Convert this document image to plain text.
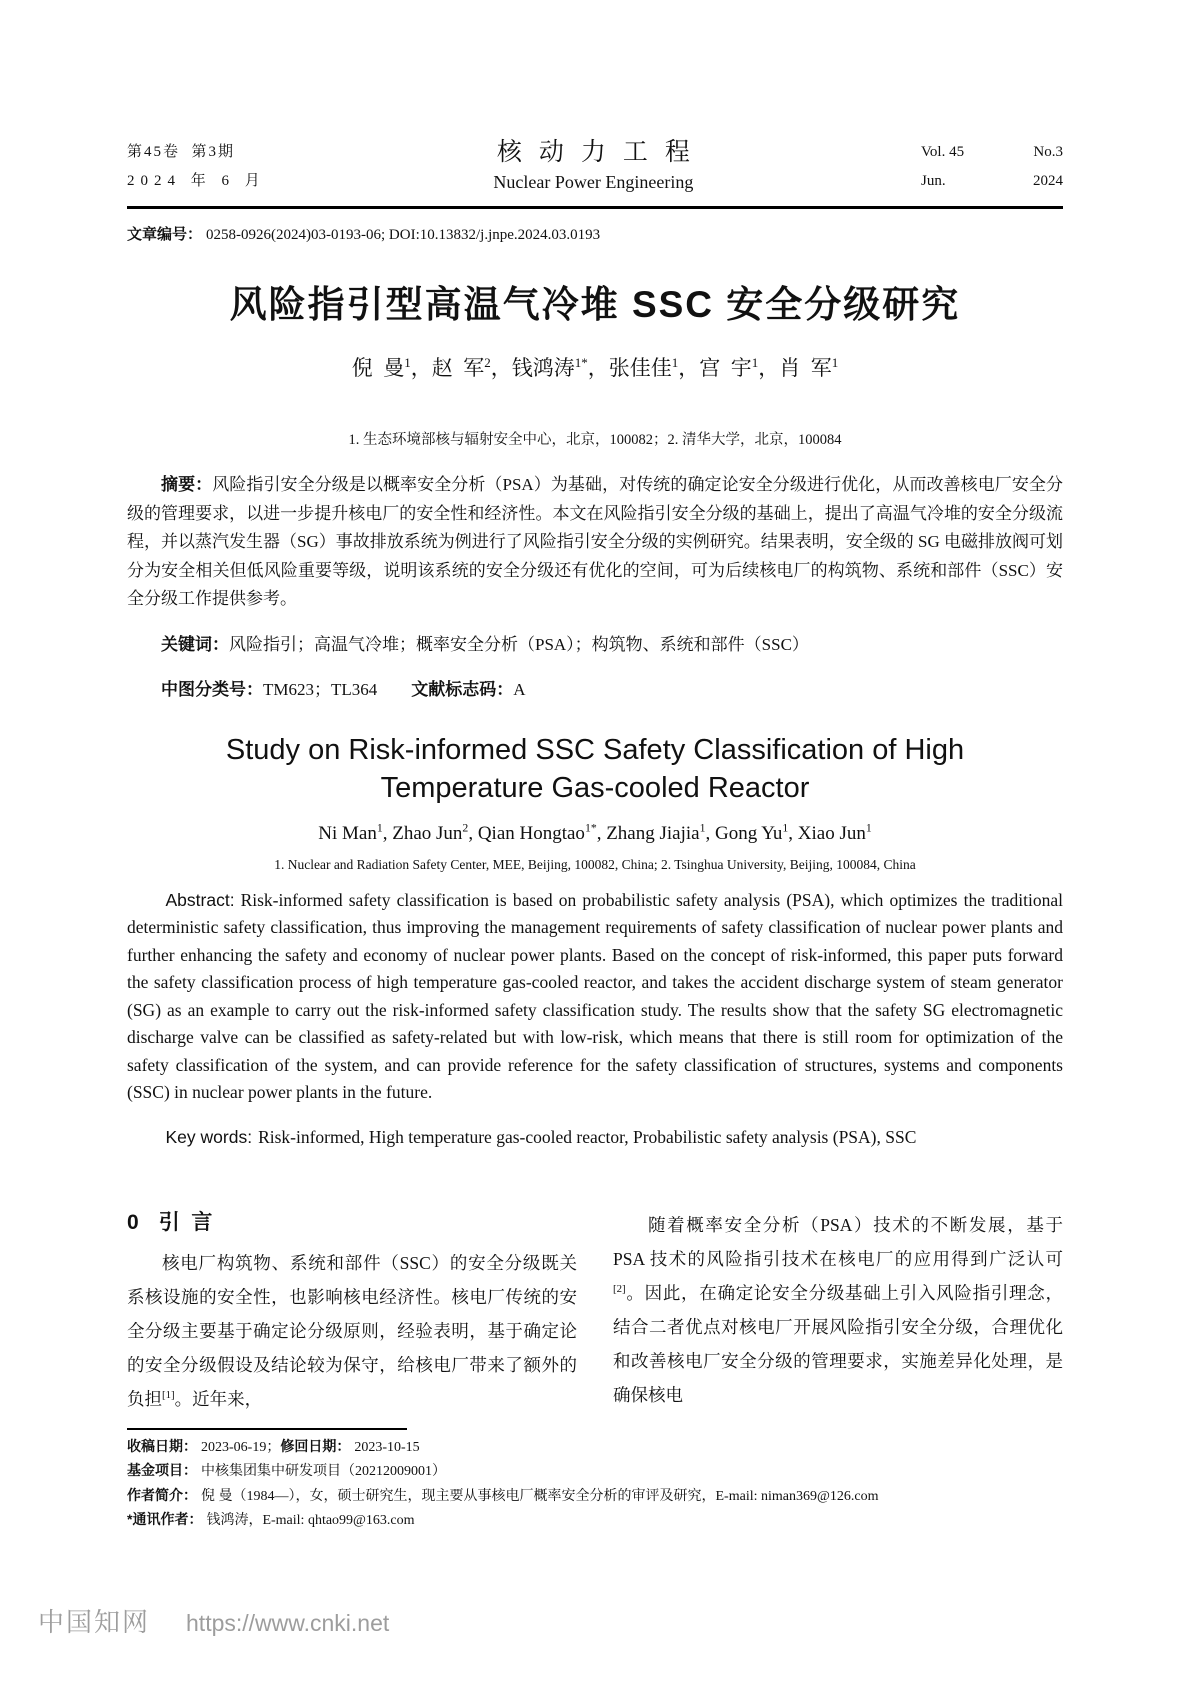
第45卷  第3期
2024 年 6 月
核动力工程
Nuclear Power Engineering
Vol. 45	No.3
Jun.	2024
文章编号： 0258-0926(2024)03-0193-06; DOI:10.13832/j.jnpe.2024.03.0193
风险指引型高温气冷堆 SSC 安全分级研究
倪  曼$^1$，赵  军$^2$，钱鸿涛$^{1*}$，张佳佳$^1$，宫  宇$^1$，肖  军$^1$
1. 生态环境部核与辐射安全中心，北京，100082；2. 清华大学，北京，100084

摘要：风险指引安全分级是以概率安全分析（PSA）为基础，对传统的确定论安全分级进行优化，从而改善核电厂安全分级的管理要求，以进一步提升核电厂的安全性和经济性。本文在风险指引安全分级的基础上，提出了高温气冷堆的安全分级流程，并以蒸汽发生器（SG）事故排放系统为例进行了风险指引安全分级的实例研究。结果表明，安全级的 SG 电磁排放阀可划分为安全相关但低风险重要等级，说明该系统的安全分级还有优化的空间，可为后续核电厂的构筑物、系统和部件（SSC）安全分级工作提供参考。

关键词：风险指引；高温气冷堆；概率安全分析（PSA）；构筑物、系统和部件（SSC）

中图分类号：TM623；TL364 文献标志码：A

Study on Risk-informed SSC Safety Classification of High Temperature Gas-cooled Reactor
Ni Man$^1$, Zhao Jun$^2$, Qian Hongtao$^{1*}$, Zhang Jiajia$^1$, Gong Yu$^1$, Xiao Jun$^1$
1. Nuclear and Radiation Safety Center, MEE, Beijing, 100082, China; 2. Tsinghua University, Beijing, 100084, China

Abstract: Risk-informed safety classification is based on probabilistic safety analysis (PSA), which optimizes the traditional deterministic safety classification, thus improving the management requirements of safety classification of nuclear power plants and further enhancing the safety and economy of nuclear power plants. Based on the concept of risk-informed, this paper puts forward the safety classification process of high temperature gas-cooled reactor, and takes the accident discharge system of steam generator (SG) as an example to carry out the risk-informed safety classification study. The results show that the safety SG electromagnetic discharge valve can be classified as safety-related but with low-risk, which means that there is still room for optimization of the safety classification of the system, and can provide reference for the safety classification of structures, systems and components (SSC) in nuclear power plants in the future.

Key words: Risk-informed, High temperature gas-cooled reactor, Probabilistic safety analysis (PSA), SSC

0 引  言

核电厂构筑物、系统和部件（SSC）的安全分级既关系核设施的安全性，也影响核电经济性。核电厂传统的安全分级主要基于确定论分级原则，经验表明，基于确定论的安全分级假设及结论较为保守，给核电厂带来了额外的负担[1]。近年来，

随着概率安全分析（PSA）技术的不断发展，基于 PSA 技术的风险指引技术在核电厂的应用得到广泛认可[2]。因此，在确定论安全分级基础上引入风险指引理念，结合二者优点对核电厂开展风险指引安全分级，合理优化和改善核电厂安全分级的管理要求，实施差异化处理，是确保核电

收稿日期： 2023-06-19；修回日期： 2023-10-15
基金项目： 中核集团集中研发项目（20212009001）
作者简介： 倪 曼（1984—），女，硕士研究生，现主要从事核电厂概率安全分析的审评及研究，E-mail: niman369@126.com
*通讯作者： 钱鸿涛，E-mail: qhtao99@163.com
中国知网 https://www.cnki.net
